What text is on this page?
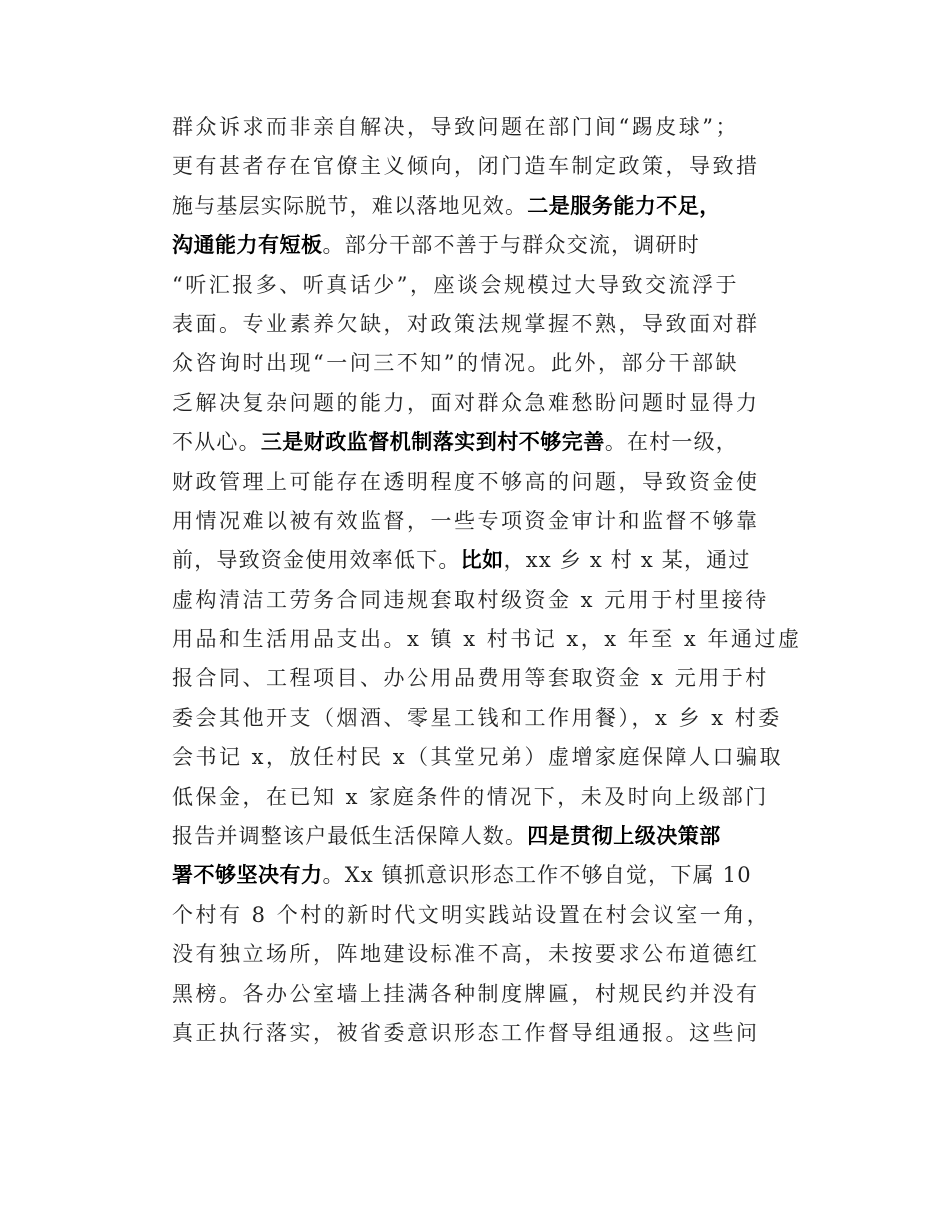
群众诉求而非亲自解决，导致问题在部门间“踢皮球”；
更有甚者存在官僚主义倾向，闭门造车制定政策，导致措
施与基层实际脱节，难以落地见效。二是服务能力不足，
沟通能力有短板。部分干部不善于与群众交流，调研时
“听汇报多、听真话少”，座谈会规模过大导致交流浮于
表面。专业素养欠缺，对政策法规掌握不熟，导致面对群
众咨询时出现“一问三不知”的情况。此外，部分干部缺
乏解决复杂问题的能力，面对群众急难愁盼问题时显得力
不从心。三是财政监督机制落实到村不够完善。在村一级，
财政管理上可能存在透明程度不够高的问题，导致资金使
用情况难以被有效监督，一些专项资金审计和监督不够靠
前，导致资金使用效率低下。比如，xx 乡 x 村 x 某，通过
虚构清洁工劳务合同违规套取村级资金 x 元用于村里接待
用品和生活用品支出。x 镇 x 村书记 x，x 年至 x 年通过虚
报合同、工程项目、办公用品费用等套取资金 x 元用于村
委会其他开支（烟酒、零星工钱和工作用餐），x 乡 x 村委
会书记 x，放任村民 x（其堂兄弟）虚增家庭保障人口骗取
低保金，在已知 x 家庭条件的情况下，未及时向上级部门
报告并调整该户最低生活保障人数。四是贯彻上级决策部
署不够坚决有力。Xx 镇抓意识形态工作不够自觉，下属 10
个村有 8 个村的新时代文明实践站设置在村会议室一角，
没有独立场所，阵地建设标准不高，未按要求公布道德红
黑榜。各办公室墙上挂满各种制度牌匾，村规民约并没有
真正执行落实，被省委意识形态工作督导组通报。这些问
